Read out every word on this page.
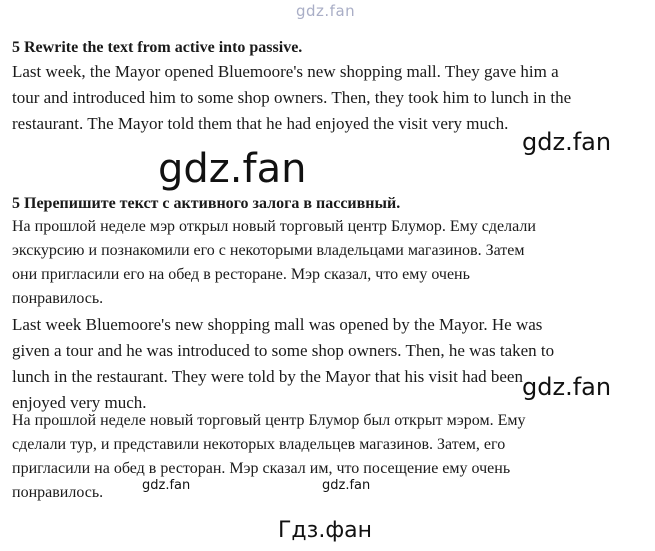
gdz.fan
gdz.fan
gdz.fan
gdz.fan
gdz.fan	gdz.fan
Гдз.фан
5 Rewrite the text from active into passive.
Last week, the Mayor opened Bluemoore's new shopping mall. They gave him a
tour and introduced him to some shop owners. Then, they took him to lunch in the
restaurant. The Mayor told them that he had enjoyed the visit very much.
5 Перепишите текст с активного залога в пассивный.
На прошлой неделе мэр открыл новый торговый центр Блумор. Ему сделали
экскурсию и познакомили его с некоторыми владельцами магазинов. Затем
они пригласили его на обед в ресторане. Мэр сказал, что ему очень
понравилось.
Last week Bluemoore's new shopping mall was opened by the Mayor. He was
given a tour and he was introduced to some shop owners. Then, he was taken to
lunch in the restaurant. They were told by the Mayor that his visit had been
enjoyed very much.
На прошлой неделе новый торговый центр Блумор был открыт мэром. Ему
сделали тур, и представили некоторых владельцев магазинов. Затем, его
пригласили на обед в ресторан. Мэр сказал им, что посещение ему очень
понравилось.
